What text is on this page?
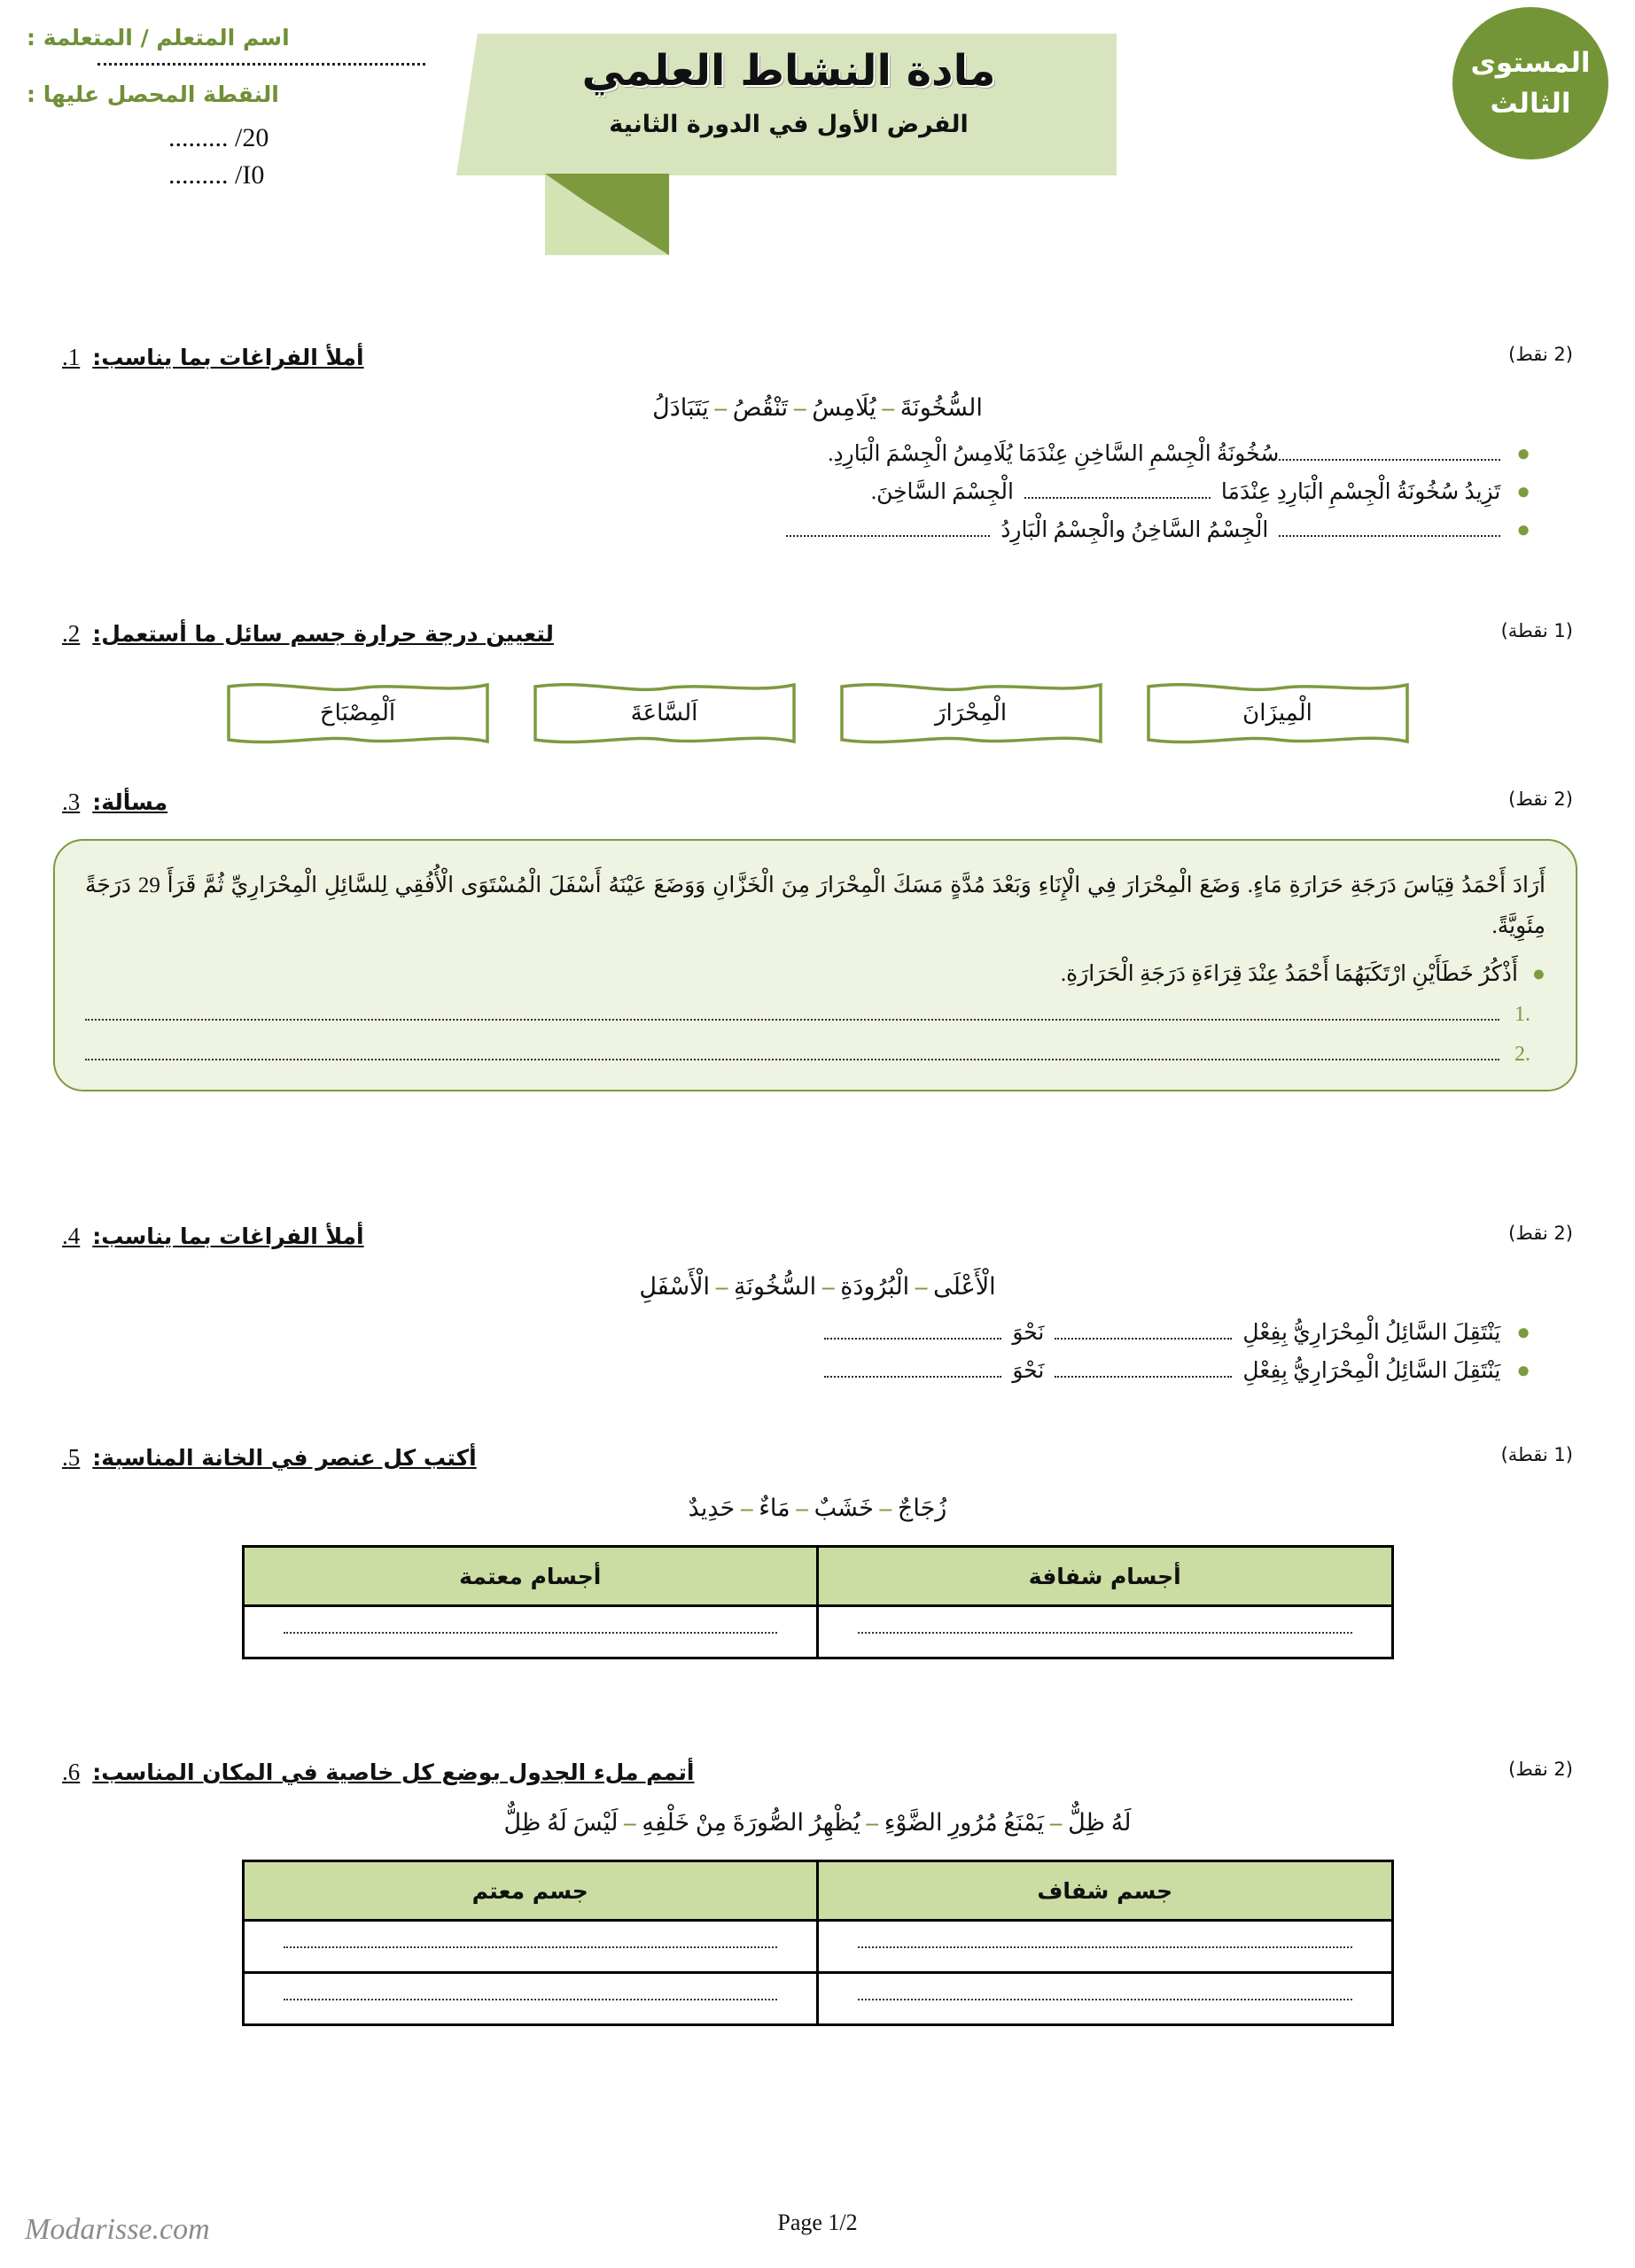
مادة النشاط العلمي
الفرض الأول في الدورة الثانية
المستوى
الثالث
اسم المتعلم / المتعلمة :
النقطة المحصل عليها :
......... /20
......... /I0
(2 نقط)
أملأ الفراغات بما يناسب:
1.
السُّخُونَةَ – يُلَامِسُ – تَنْقُصُ – يَتَبَادَلُ
●
سُخُونَةُ الْجِسْمِ السَّاخِنِ عِنْدَمَا يُلَامِسُ الْجِسْمَ الْبَارِدِ.
●
تَزِيدُ سُخُونَةُ الْجِسْمِ الْبَارِدِ عِنْدَمَا
الْجِسْمَ السَّاخِنَ.
●
الْجِسْمُ السَّاخِنُ والْجِسْمُ الْبَارِدُ
(1 نقطة)
لتعيين درجة حرارة جسم سائل ما أستعمل:
2.
الْمِيزَانَ
الْمِحْرَارَ
اَلسَّاعَةَ
اَلْمِصْبَاحَ
(2 نقط)
مسألة:
3.
أَرَادَ أَحْمَدُ قِيَاسَ دَرَجَةِ حَرَارَةِ مَاءٍ. وَضَعَ الْمِحْرَارَ فِي الْإِنَاءِ وَبَعْدَ مُدَّةٍ مَسَكَ الْمِحْرَارَ مِنَ الْخَزَّانِ وَوَضَعَ عَيْنَهُ أَسْفَلَ الْمُسْتَوَى الْأُفُقِي لِلسَّائِلِ الْمِحْرَارِيِّ ثُمَّ قَرَأَ 29 دَرَجَةً مِئَوِيَّةً.
●
أَذْكُرُ خَطَأَيْنِ ارْتَكَبَهُمَا أَحْمَدُ عِنْدَ قِرَاءَةِ دَرَجَةِ الْحَرَارَةِ.
1.
2.
(2 نقط)
أملأ الفراغات بما يناسب:
4.
الْأَعْلَى – الْبُرُودَةِ – السُّخُونَةِ – الْأَسْفَلِ
●
يَنْتَقِلَ السَّائِلُ الْمِحْرَارِيُّ بِفِعْلِ
نَحْوَ
●
يَنْتَقِلَ السَّائِلُ الْمِحْرَارِيُّ بِفِعْلِ
نَحْوَ
(1 نقطة)
أكتب كل عنصر في الخانة المناسبة:
5.
زُجَاجٌ – خَشَبٌ – مَاءٌ – حَدِيدٌ
أجسام شفافة	أجسام معتمة

(2 نقط)
أتمم ملء الجدول بوضع كل خاصية في المكان المناسب:
6.
لَهُ ظِلٌّ – يَمْنَعُ مُرُورِ الضَّوْءِ – يُظْهِرُ الصُّورَةَ مِنْ خَلْفِهِ – لَيْسَ لَهُ ظِلٌّ
جسم شفاف	جسم معتم

Page 1/2
Modarisse.com
